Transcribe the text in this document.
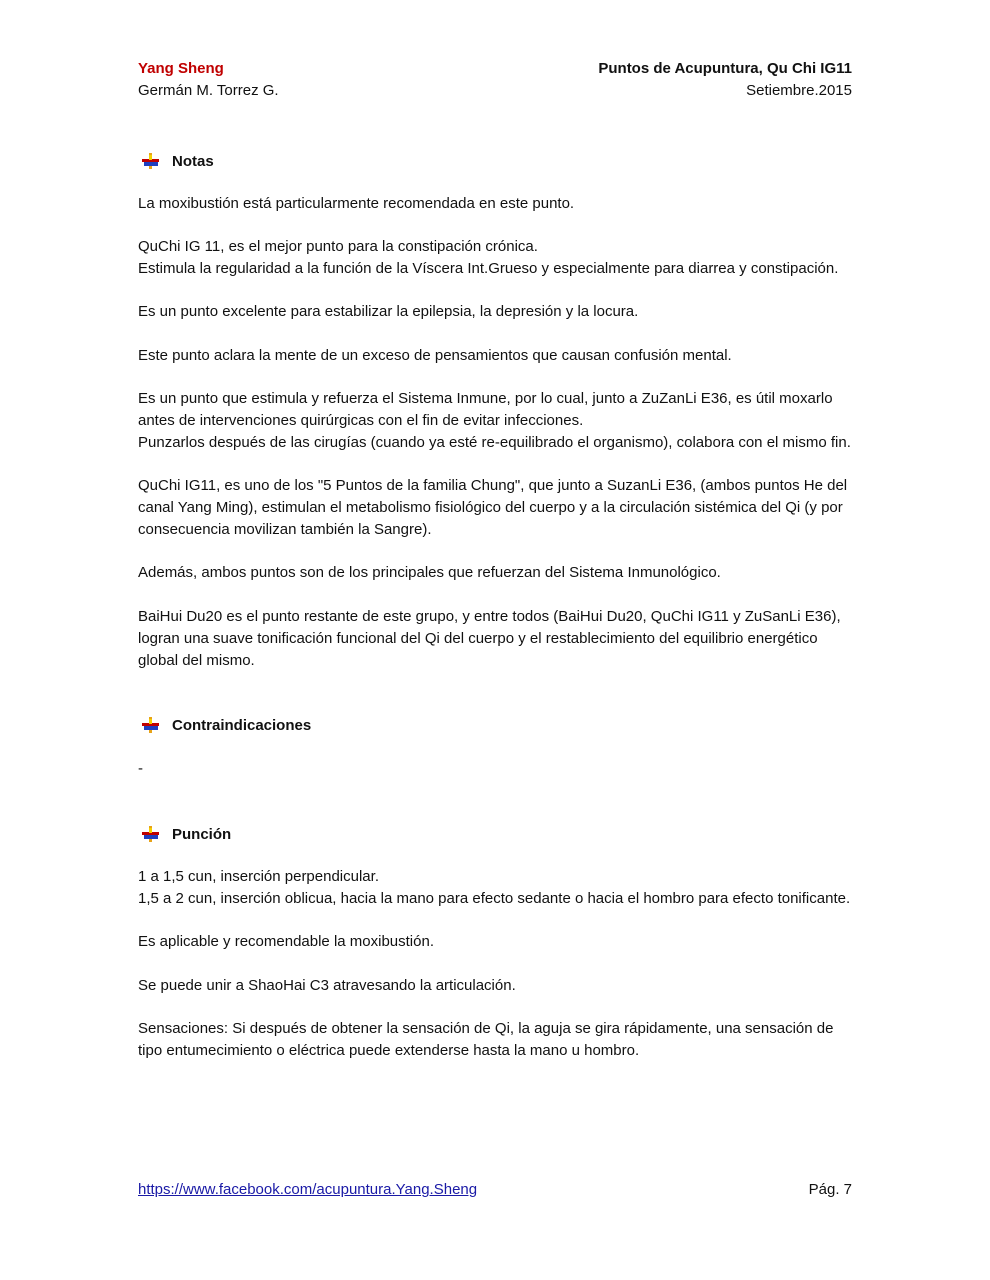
Yang Sheng	Puntos de Acupuntura, Qu Chi IG11
Germán M. Torrez G.	Setiembre.2015
Notas

La moxibustión está particularmente recomendada en este punto.

QuChi IG 11, es el mejor punto para la constipación crónica.

Estimula la regularidad a la función de la Víscera Int.Grueso y especialmente para diarrea y constipación.

Es un punto excelente para estabilizar la epilepsia, la depresión y la locura.

Este punto aclara la mente de un exceso de pensamientos que causan confusión mental.

Es un punto que estimula y refuerza el Sistema Inmune, por lo cual, junto a ZuZanLi E36, es útil moxarlo antes de intervenciones quirúrgicas con el fin de evitar infecciones.

Punzarlos después de las cirugías (cuando ya esté re-equilibrado el organismo), colabora con el mismo fin.

QuChi IG11, es uno de los "5 Puntos de la familia Chung", que junto a SuzanLi E36, (ambos puntos He del canal Yang Ming), estimulan el metabolismo fisiológico del cuerpo y a la circulación sistémica del Qi (y por consecuencia movilizan también la Sangre).

Además, ambos puntos son de los principales que refuerzan del Sistema Inmunológico.

BaiHui Du20 es el punto restante de este grupo, y entre todos (BaiHui Du20, QuChi IG11 y ZuSanLi E36), logran una suave tonificación funcional del Qi del cuerpo y el restablecimiento del equilibrio energético global del mismo.

Contraindicaciones

-

Punción

1 a 1,5 cun, inserción perpendicular.

1,5 a 2 cun, inserción oblicua, hacia la mano para efecto sedante o hacia el hombro para efecto tonificante.

Es aplicable y recomendable la moxibustión.

Se puede unir a ShaoHai C3 atravesando la articulación.

Sensaciones: Si después de obtener la sensación de Qi, la aguja se gira rápidamente, una sensación de tipo entumecimiento o eléctrica puede extenderse hasta la mano u hombro.

https://www.facebook.com/acupuntura.Yang.Sheng	Pág. 7
